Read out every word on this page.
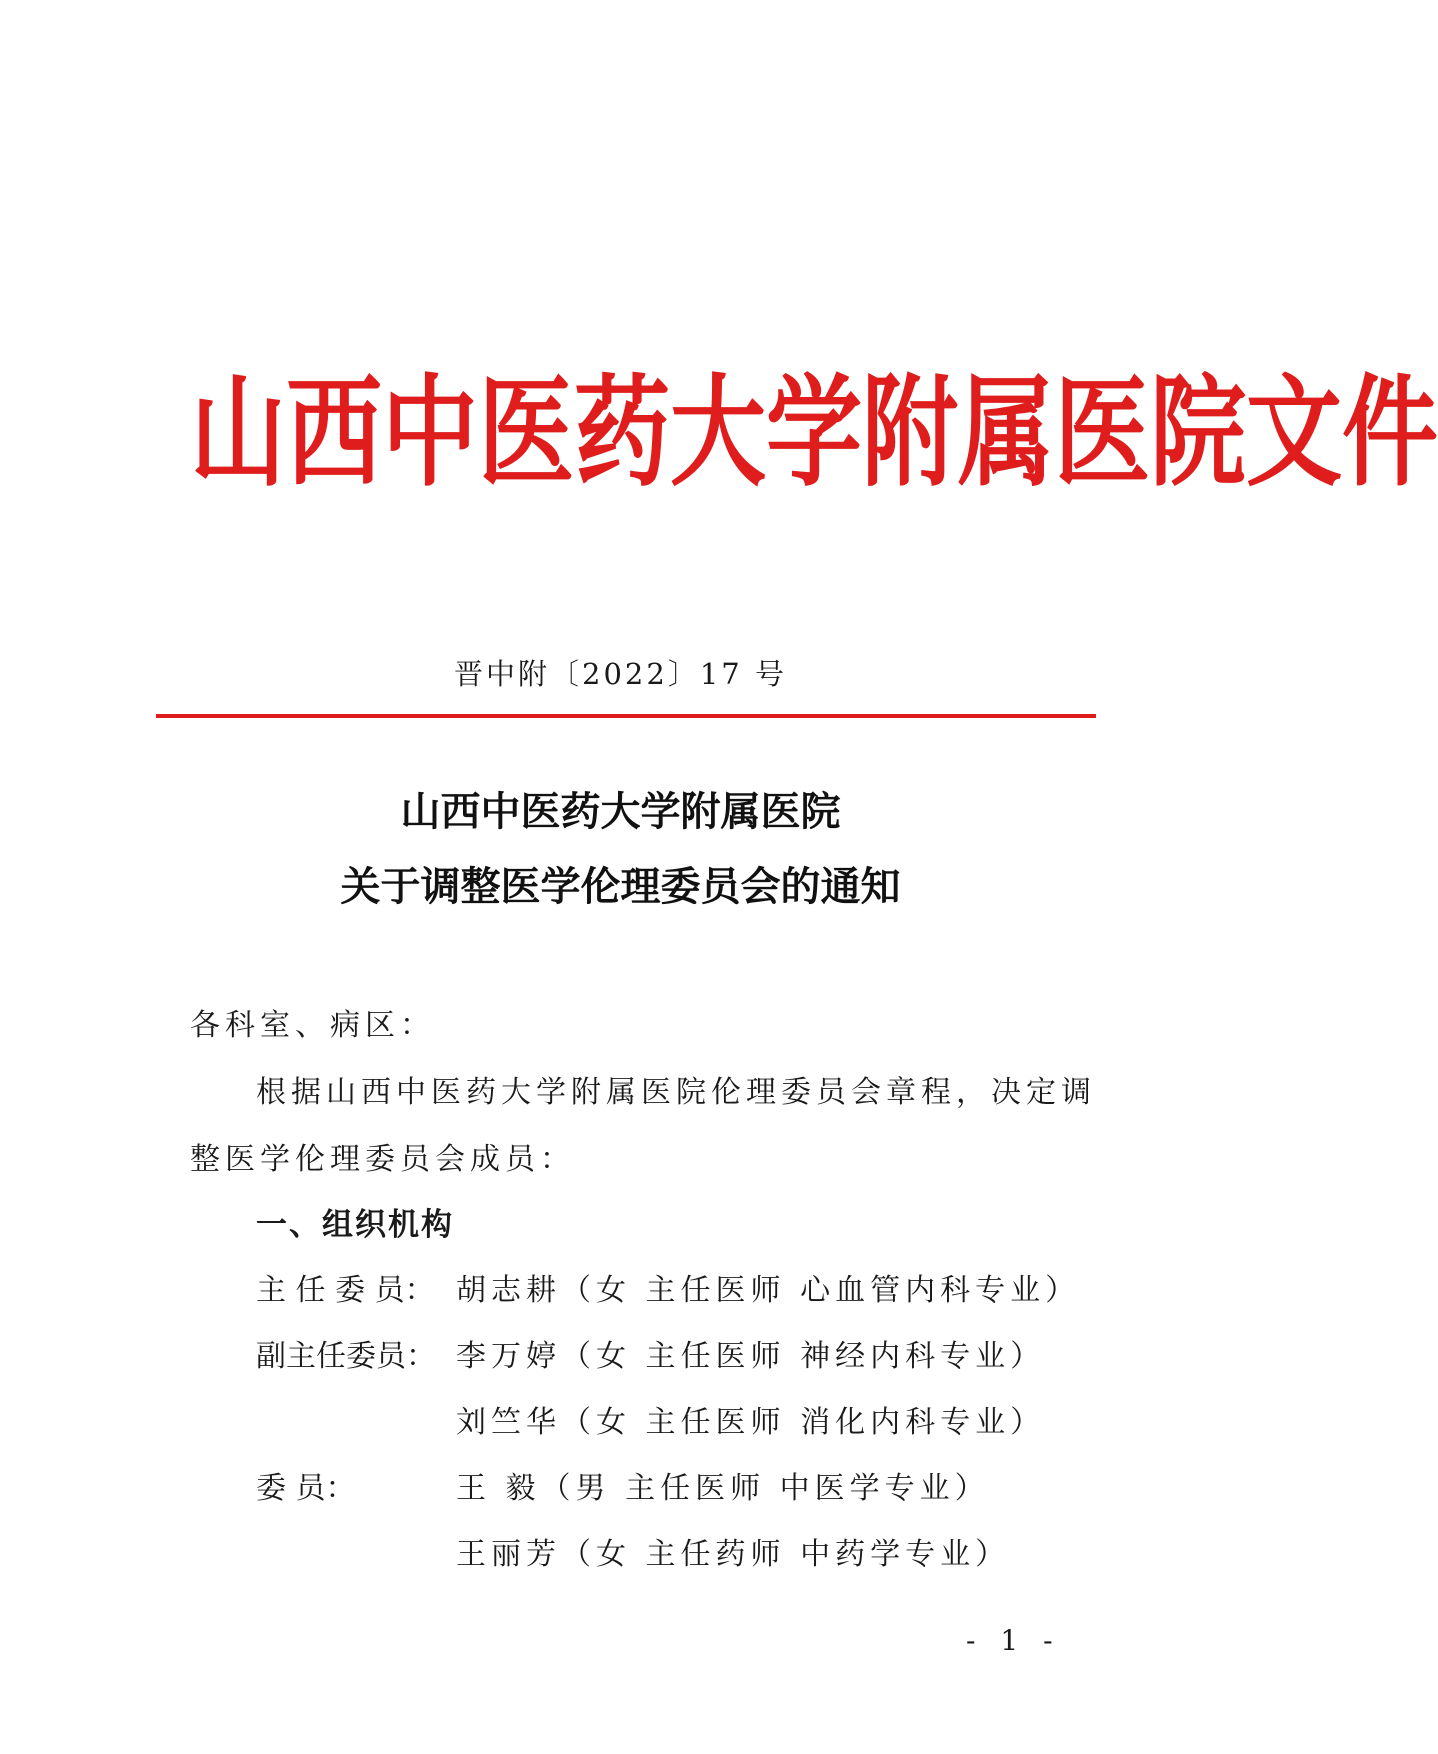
山 西 中 医 药 大 学 附 属 医 院 文 件
晋中附〔2022〕17 号
山西中医药大学附属医院
关于调整医学伦理委员会的通知
各科室、病区：
根据山西中医药大学附属医院伦理委员会章程，决定调
整医学伦理委员会成员：
一、组织机构
主 任 委 员： 胡志耕（女 主任医师 心血管内科专业）
副主任委员： 李万婷（女 主任医师 神经内科专业）
刘竺华（女 主任医师 消化内科专业）
委 员：	王 毅（男 主任医师 中医学专业）
王丽芳（女 主任药师 中药学专业）
- 1 -
